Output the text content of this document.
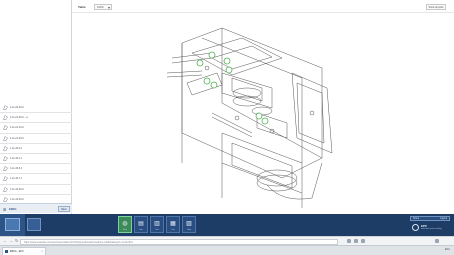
1-11-20-30-0
1-11-21-30-0 ...a
1-11-21-10-0
1-11-21-20-0
1-11-30-0-0
1-11-30-1-0
1-11-30-5-0
1-11-30-7-0
1-11-32-20-0
1-11-32-30-0
⊞ EBKG	Back
Table	100% ▾	Show all parts
◍
Parts
▤
Info
▥
Text
▦
Cart
▧
Help
Home	Logout
EPC
electronic parts catalog
← → ↻ https://www.example.com/epc/viewer/index.html?lang=en&model=machine-unit&drawing=1-11-20-30-0
EBKG - EPC	×	ENG
